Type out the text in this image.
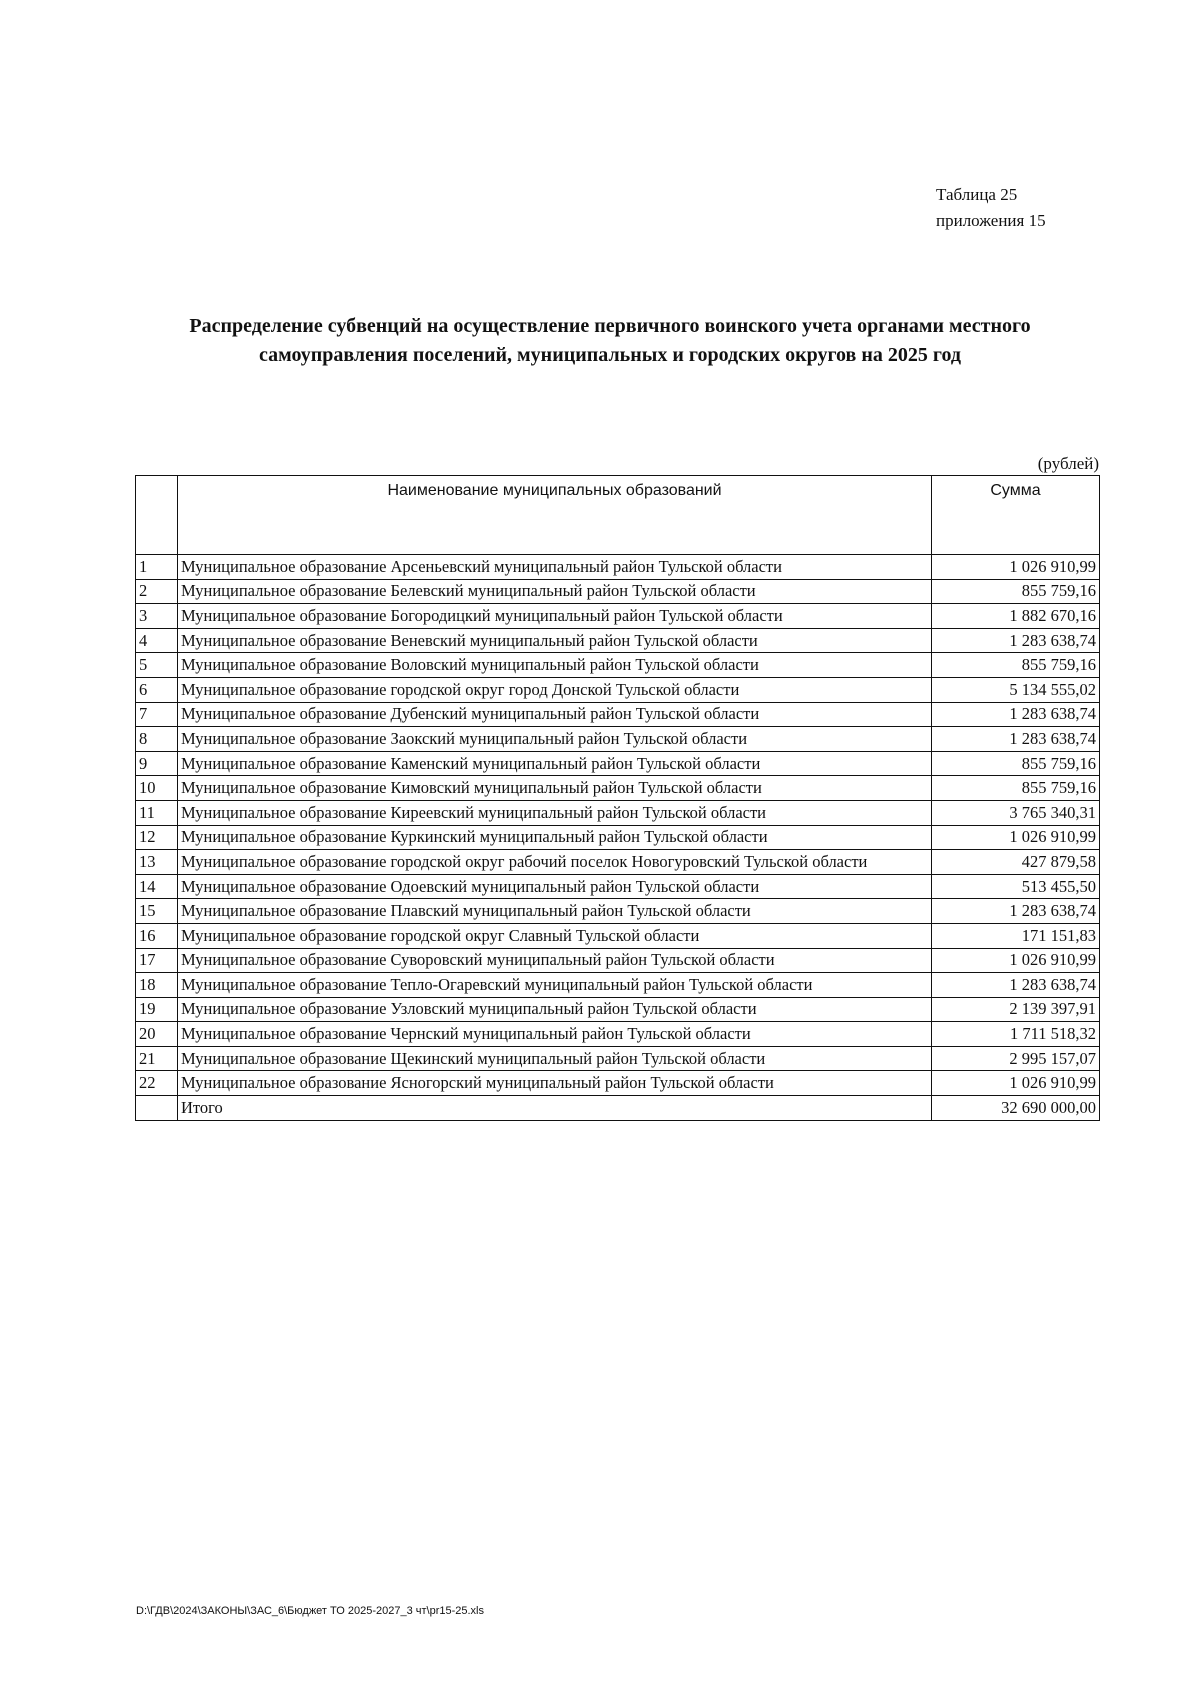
Таблица 25
приложения 15
Распределение субвенций на осуществление первичного воинского учета органами местного
самоуправления поселений, муниципальных и городских округов на 2025 год
(рублей)
	Наименование муниципальных образований	Сумма
1	Муниципальное образование Арсеньевский муниципальный район Тульской области	1 026 910,99
2	Муниципальное образование Белевский муниципальный район Тульской области	855 759,16
3	Муниципальное образование Богородицкий муниципальный район Тульской области	1 882 670,16
4	Муниципальное образование Веневский муниципальный район Тульской области	1 283 638,74
5	Муниципальное образование Воловский муниципальный район Тульской области	855 759,16
6	Муниципальное образование городской округ город Донской Тульской области	5 134 555,02
7	Муниципальное образование Дубенский муниципальный район Тульской области	1 283 638,74
8	Муниципальное образование Заокский муниципальный район Тульской области	1 283 638,74
9	Муниципальное образование Каменский муниципальный район Тульской области	855 759,16
10	Муниципальное образование Кимовский муниципальный район Тульской области	855 759,16
11	Муниципальное образование Киреевский муниципальный район Тульской области	3 765 340,31
12	Муниципальное образование Куркинский муниципальный район Тульской области	1 026 910,99
13	Муниципальное образование городской округ рабочий поселок Новогуровский Тульской области	427 879,58
14	Муниципальное образование Одоевский муниципальный район Тульской области	513 455,50
15	Муниципальное образование Плавский муниципальный район Тульской области	1 283 638,74
16	Муниципальное образование городской округ Славный Тульской области	171 151,83
17	Муниципальное образование Суворовский муниципальный район Тульской области	1 026 910,99
18	Муниципальное образование Тепло-Огаревский муниципальный район Тульской области	1 283 638,74
19	Муниципальное образование Узловский муниципальный район Тульской области	2 139 397,91
20	Муниципальное образование Чернский муниципальный район Тульской области	1 711 518,32
21	Муниципальное образование Щекинский муниципальный район Тульской области	2 995 157,07
22	Муниципальное образование Ясногорский муниципальный район Тульской области	1 026 910,99
	Итого	32 690 000,00
D:\ГДВ\2024\ЗАКОНЫ\ЗАС_6\Бюджет ТО 2025-2027_3 чт\pr15-25.xls
